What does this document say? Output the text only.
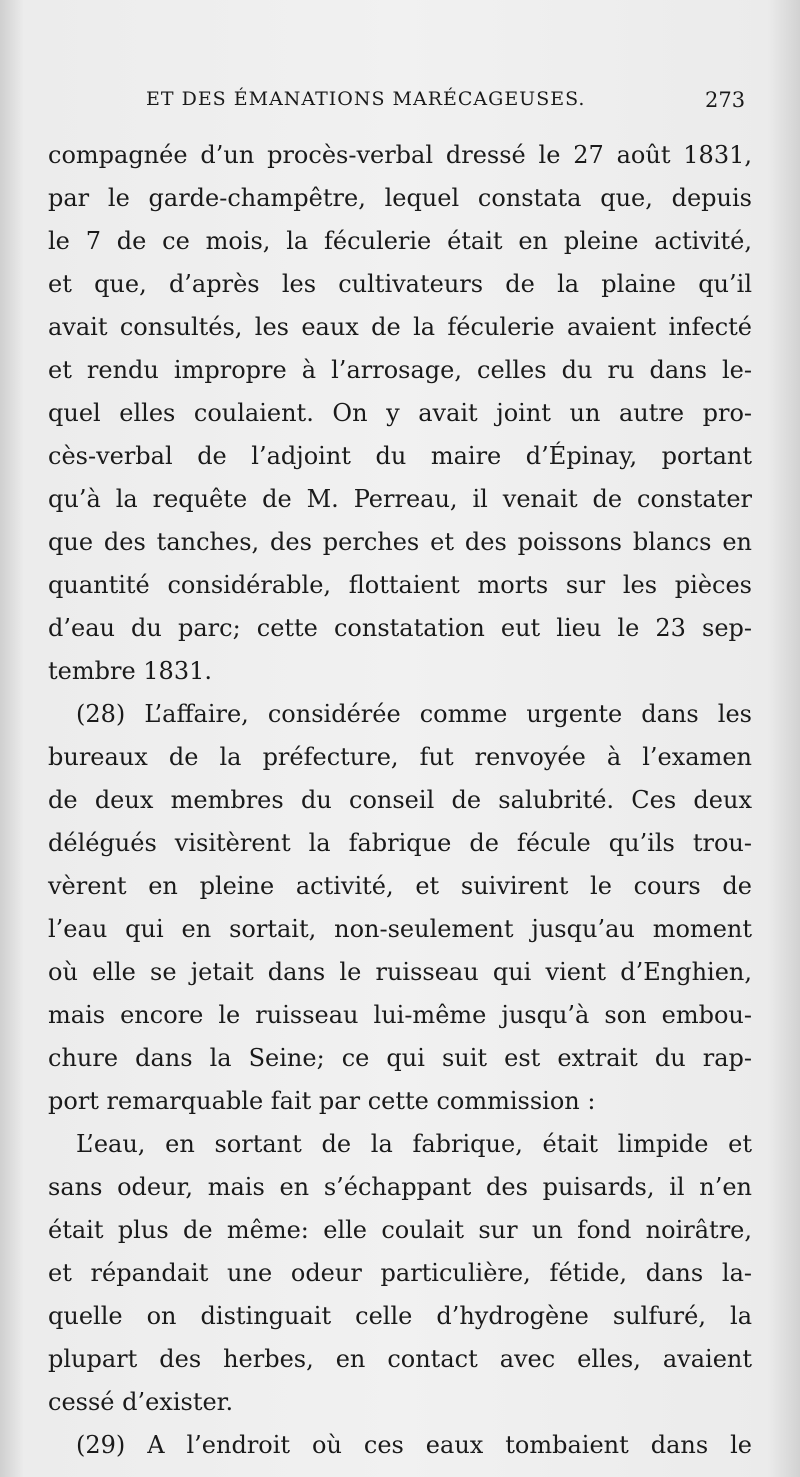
ET DES ÉMANATIONS MARÉCAGEUSES.	273
compagnée d’un procès-verbal dressé le 27 août 1831,
par le garde-champêtre, lequel constata que, depuis
le 7 de ce mois, la féculerie était en pleine activité,
et que, d’après les cultivateurs de la plaine qu’il
avait consultés, les eaux de la féculerie avaient infecté
et rendu impropre à l’arrosage, celles du ru dans le-
quel elles coulaient. On y avait joint un autre pro-
cès-verbal de l’adjoint du maire d’Épinay, portant
qu’à la requête de M. Perreau, il venait de constater
que des tanches, des perches et des poissons blancs en
quantité considérable, flottaient morts sur les pièces
d’eau du parc; cette constatation eut lieu le 23 sep-
tembre 1831.
(28) L’affaire, considérée comme urgente dans les
bureaux de la préfecture, fut renvoyée à l’examen
de deux membres du conseil de salubrité. Ces deux
délégués visitèrent la fabrique de fécule qu’ils trou-
vèrent en pleine activité, et suivirent le cours de
l’eau qui en sortait, non-seulement jusqu’au moment
où elle se jetait dans le ruisseau qui vient d’Enghien,
mais encore le ruisseau lui-même jusqu’à son embou-
chure dans la Seine; ce qui suit est extrait du rap-
port remarquable fait par cette commission :
L’eau, en sortant de la fabrique, était limpide et
sans odeur, mais en s’échappant des puisards, il n’en
était plus de même: elle coulait sur un fond noirâtre,
et répandait une odeur particulière, fétide, dans la-
quelle on distinguait celle d’hydrogène sulfuré, la
plupart des herbes, en contact avec elles, avaient
cessé d’exister.
(29) A l’endroit où ces eaux tombaient dans le
